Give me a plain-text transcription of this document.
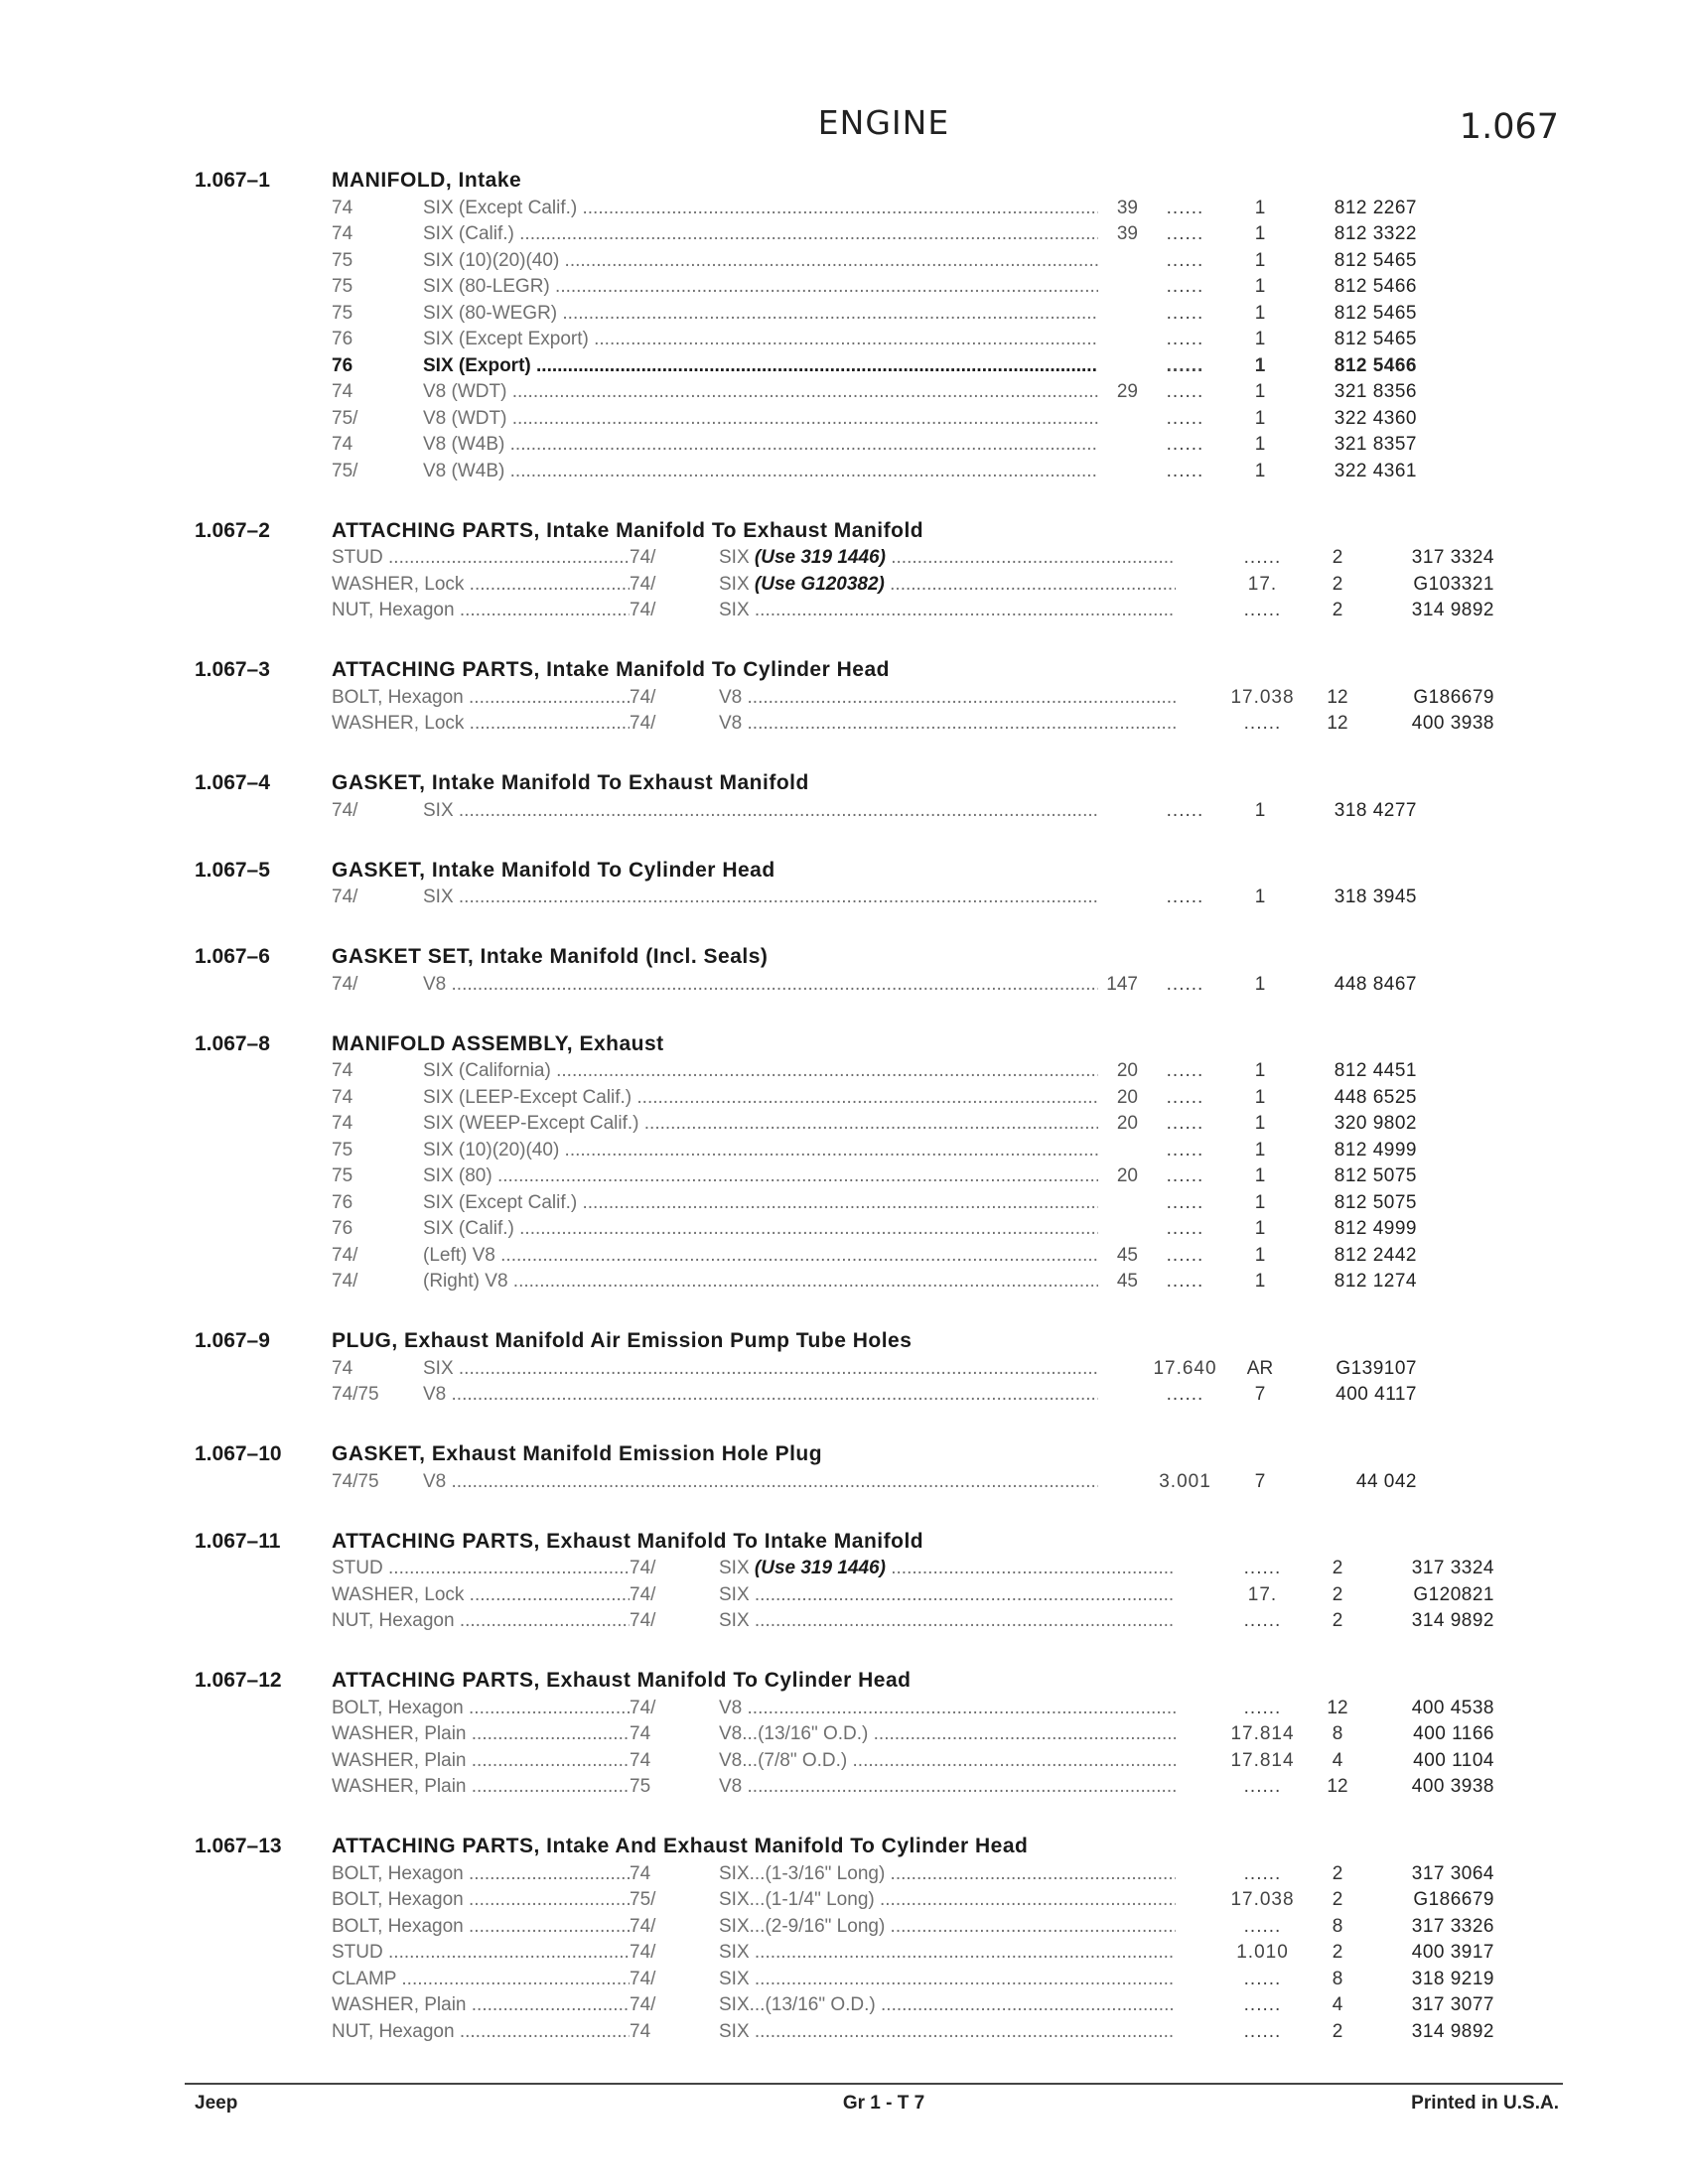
ENGINE	1.067
1.067–1	MANIFOLD, Intake
74	SIX (Except Calif.) .....	39	......	1	812 2267
74	SIX (Calif.) .....	39	......	1	812 3322
75	SIX (10)(20)(40) .....	......	1	812 5465
75	SIX (80-LEGR) .....	......	1	812 5466
75	SIX (80-WEGR) .....	......	1	812 5465
76	SIX (Except Export) .....	......	1	812 5465
76	SIX (Export) .....	......	1	812 5466
74	V8 (WDT) .....	29	......	1	321 8356
75/	V8 (WDT) .....	......	1	322 4360
74	V8 (W4B) .....	......	1	321 8357
75/	V8 (W4B) .....	......	1	322 4361
1.067–2	ATTACHING PARTS, Intake Manifold To Exhaust Manifold
STUD .....	74/	SIX (Use 319 1446) .....	......	2	317 3324
WASHER, Lock .....	74/	SIX (Use G120382) .....	17.	2	G103321
NUT, Hexagon .....	74/	SIX .....	......	2	314 9892
1.067–3	ATTACHING PARTS, Intake Manifold To Cylinder Head
BOLT, Hexagon .....	74/	V8 .....	17.038	12	G186679
WASHER, Lock .....	74/	V8 .....	......	12	400 3938
1.067–4	GASKET, Intake Manifold To Exhaust Manifold
74/	SIX .....	......	1	318 4277
1.067–5	GASKET, Intake Manifold To Cylinder Head
74/	SIX .....	......	1	318 3945
1.067–6	GASKET SET, Intake Manifold (Incl. Seals)
74/	V8 .....	147	......	1	448 8467
1.067–8	MANIFOLD ASSEMBLY, Exhaust
74	SIX (California) .....	20	......	1	812 4451
74	SIX (LEEP-Except Calif.) .....	20	......	1	448 6525
74	SIX (WEEP-Except Calif.) .....	20	......	1	320 9802
75	SIX (10)(20)(40) .....	......	1	812 4999
75	SIX (80) .....	20	......	1	812 5075
76	SIX (Except Calif.) .....	......	1	812 5075
76	SIX (Calif.) .....	......	1	812 4999
74/	(Left) V8 .....	45	......	1	812 2442
74/	(Right) V8 .....	45	......	1	812 1274
1.067–9	PLUG, Exhaust Manifold Air Emission Pump Tube Holes
74	SIX .....	17.640	AR	G139107
74/75	V8 .....	......	7	400 4117
1.067–10	GASKET, Exhaust Manifold Emission Hole Plug
74/75	V8 .....	3.001	7	44 042
1.067–11	ATTACHING PARTS, Exhaust Manifold To Intake Manifold
STUD .....	74/	SIX (Use 319 1446) .....	......	2	317 3324
WASHER, Lock .....	74/	SIX .....	17.	2	G120821
NUT, Hexagon .....	74/	SIX .....	......	2	314 9892
1.067–12	ATTACHING PARTS, Exhaust Manifold To Cylinder Head
BOLT, Hexagon .....	74/	V8 .....	......	12	400 4538
WASHER, Plain .....	74	V8...(13/16" O.D.) .....	17.814	8	400 1166
WASHER, Plain .....	74	V8...(7/8" O.D.) .....	17.814	4	400 1104
WASHER, Plain .....	75	V8 .....	......	12	400 3938
1.067–13	ATTACHING PARTS, Intake And Exhaust Manifold To Cylinder Head
BOLT, Hexagon .....	74	SIX...(1-3/16" Long) .....	......	2	317 3064
BOLT, Hexagon .....	75/	SIX...(1-1/4" Long) .....	17.038	2	G186679
BOLT, Hexagon .....	74/	SIX...(2-9/16" Long) .....	......	8	317 3326
STUD .....	74/	SIX .....	1.010	2	400 3917
CLAMP .....	74/	SIX .....	......	8	318 9219
WASHER, Plain .....	74/	SIX...(13/16" O.D.) .....	......	4	317 3077
NUT, Hexagon .....	74	SIX .....	......	2	314 9892
Jeep	Gr 1 - T 7	Printed in U.S.A.
